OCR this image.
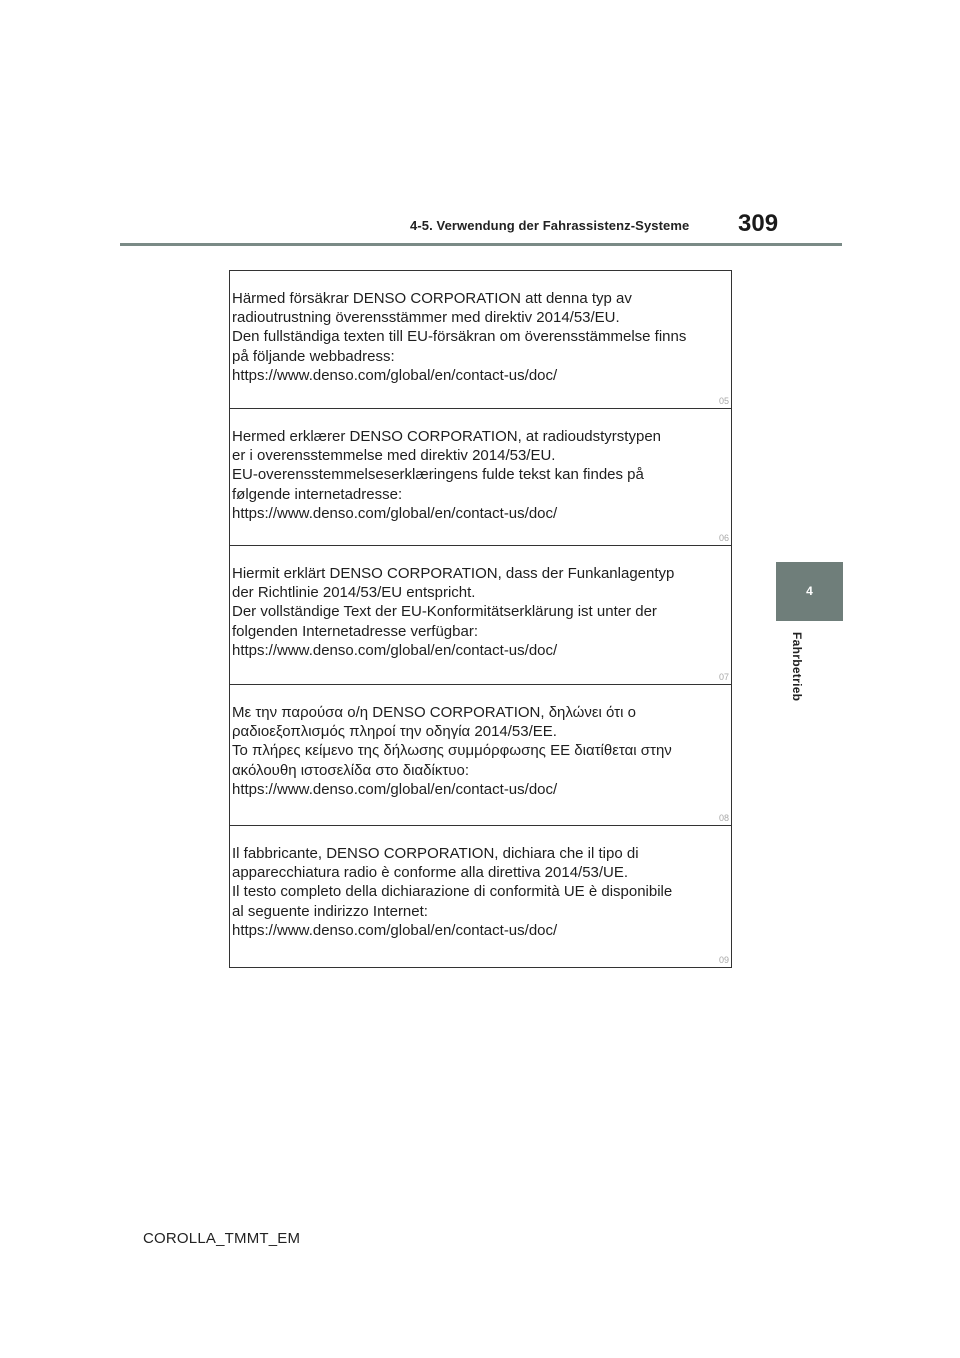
4-5. Verwendung der Fahrassistenz-Systeme 309
4
Fahrbetrieb
Härmed försäkrar DENSO CORPORATION att denna typ av
radioutrustning överensstämmer med direktiv 2014/53/EU.
Den fullständiga texten till EU-försäkran om överensstämmelse finns
på följande webbadress:
https://www.denso.com/global/en/contact-us/doc/
05
Hermed erklærer DENSO CORPORATION, at radioudstyrstypen
er i overensstemmelse med direktiv 2014/53/EU.
EU-overensstemmelseserklæringens fulde tekst kan findes på
følgende internetadresse:
https://www.denso.com/global/en/contact-us/doc/
06
Hiermit erklärt DENSO CORPORATION, dass der Funkanlagentyp
der Richtlinie 2014/53/EU entspricht.
Der vollständige Text der EU-Konformitätserklärung ist unter der
folgenden Internetadresse verfügbar:
https://www.denso.com/global/en/contact-us/doc/
07
Με την παρούσα ο/η DENSO CORPORATION, δηλώνει ότι ο
ραδιοεξοπλισμός πληροί την οδηγία 2014/53/ΕΕ.
Το πλήρες κείμενο της δήλωσης συμμόρφωσης ΕΕ διατίθεται στην
ακόλουθη ιστοσελίδα στο διαδίκτυο:
https://www.denso.com/global/en/contact-us/doc/
08
Il fabbricante, DENSO CORPORATION, dichiara che il tipo di
apparecchiatura radio è conforme alla direttiva 2014/53/UE.
Il testo completo della dichiarazione di conformità UE è disponibile
al seguente indirizzo Internet:
https://www.denso.com/global/en/contact-us/doc/
09
COROLLA_TMMT_EM
